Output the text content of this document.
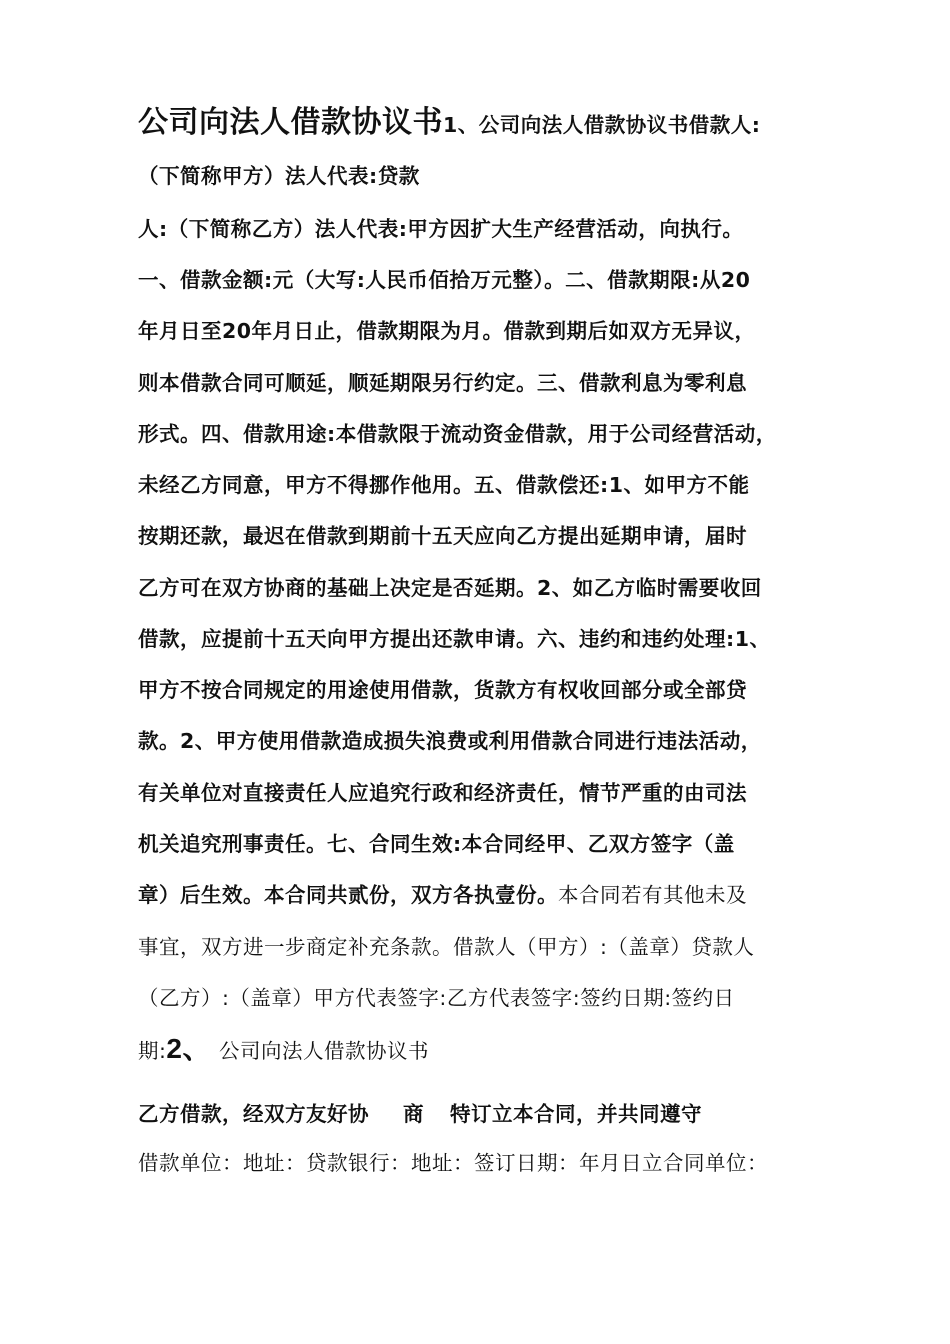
公司向法人借款协议书1、公司向法人借款协议书借款人:
（下简称甲方）法人代表:贷款
人:（下简称乙方）法人代表:甲方因扩大生产经营活动，向执行。
一、借款金额:元（大写:人民币佰拾万元整）。二、借款期限:从20
年月日至20年月日止，借款期限为月。借款到期后如双方无异议，
则本借款合同可顺延，顺延期限另行约定。三、借款利息为零利息
形式。四、借款用途:本借款限于流动资金借款，用于公司经营活动，
未经乙方同意，甲方不得挪作他用。五、借款偿还:1、如甲方不能
按期还款，最迟在借款到期前十五天应向乙方提出延期申请，届时
乙方可在双方协商的基础上决定是否延期。2、如乙方临时需要收回
借款，应提前十五天向甲方提出还款申请。六、违约和违约处理:1、
甲方不按合同规定的用途使用借款，货款方有权收回部分或全部贷
款。2、甲方使用借款造成损失浪费或利用借款合同进行违法活动，
有关单位对直接责任人应追究行政和经济责任，情节严重的由司法
机关追究刑事责任。七、合同生效:本合同经甲、乙双方签字（盖
章）后生效。本合同共贰份，双方各执壹份。本合同若有其他未及
事宜，双方进一步商定补充条款。借款人（甲方）:（盖章）贷款人
（乙方）:（盖章）甲方代表签字:乙方代表签字:签约日期:签约日
期:2、 公司向法人借款协议书
乙方借款，经双方友好协 商 特订立本合同，并共同遵守
借款单位：地址：贷款银行：地址：签订日期：年月日立合同单位：
